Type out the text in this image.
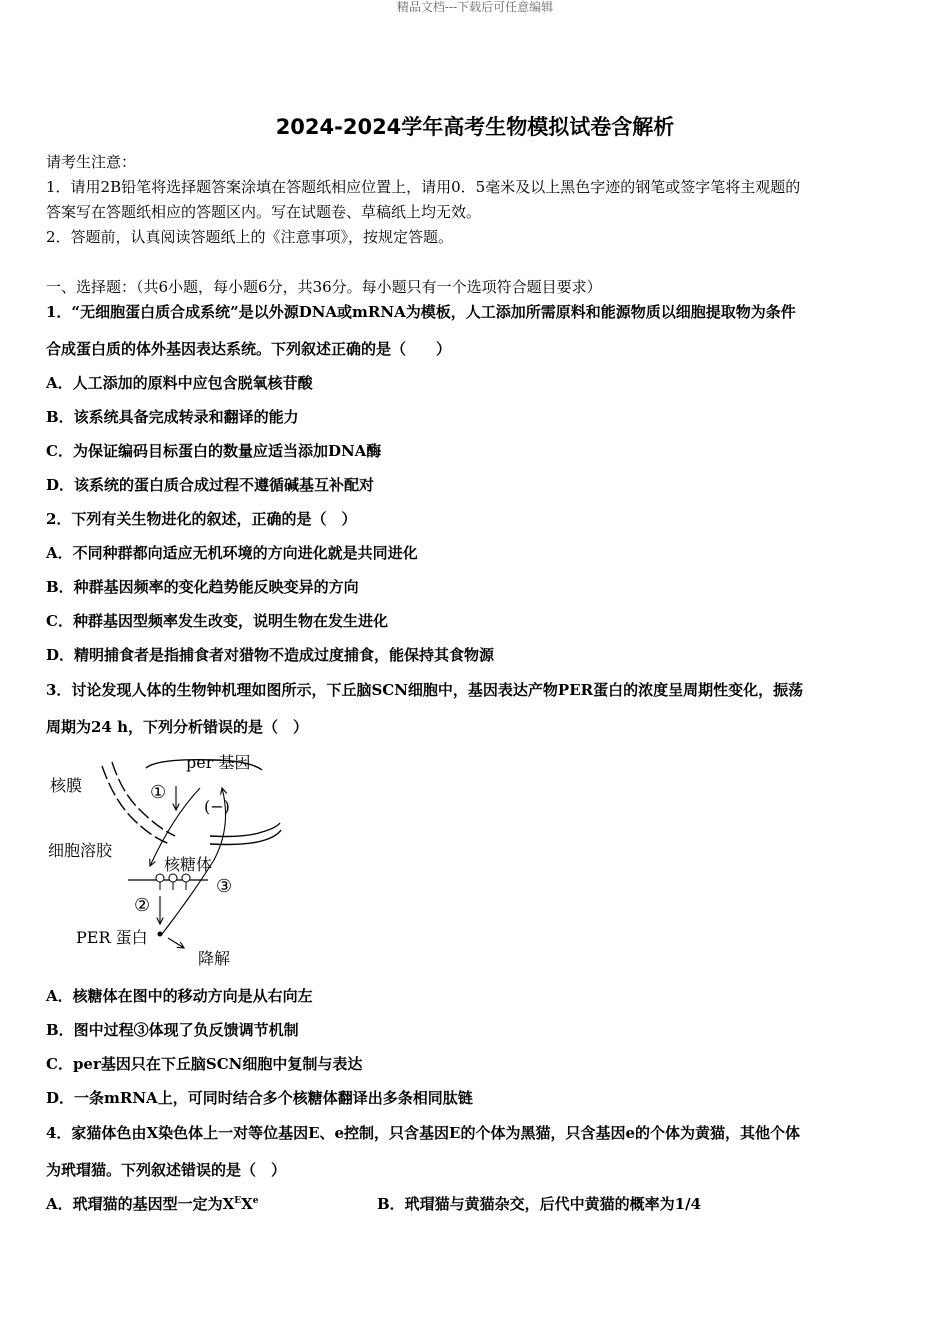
精品文档---下载后可任意编辑
2024-2024学年高考生物模拟试卷含解析
请考生注意：
1．请用2B铅笔将选择题答案涂填在答题纸相应位置上，请用0．5毫米及以上黑色字迹的钢笔或签字笔将主观题的
答案写在答题纸相应的答题区内。写在试题卷、草稿纸上均无效。
2．答题前，认真阅读答题纸上的《注意事项》，按规定答题。
一、选择题：（共6小题，每小题6分，共36分。每小题只有一个选项符合题目要求）
1．“无细胞蛋白质合成系统”是以外源DNA或mRNA为模板，人工添加所需原料和能源物质以细胞提取物为条件
合成蛋白质的体外基因表达系统。下列叙述正确的是（　　）
A．人工添加的原料中应包含脱氧核苷酸
B．该系统具备完成转录和翻译的能力
C．为保证编码目标蛋白的数量应适当添加DNA酶
D．该系统的蛋白质合成过程不遵循碱基互补配对
2．下列有关生物进化的叙述，正确的是（　）
A．不同种群都向适应无机环境的方向进化就是共同进化
B．种群基因频率的变化趋势能反映变异的方向
C．种群基因型频率发生改变，说明生物在发生进化
D．精明捕食者是指捕食者对猎物不造成过度捕食，能保持其食物源
3．讨论发现人体的生物钟机理如图所示，下丘脑SCN细胞中，基因表达产物PER蛋白的浓度呈周期性变化，振荡
周期为24 h，下列分析错误的是（　）
per 基因
核膜	①
(−)
细胞溶胶
核糖体
③
②
PER 蛋白
降解
A．核糖体在图中的移动方向是从右向左
B．图中过程③体现了负反馈调节机制
C．per基因只在下丘脑SCN细胞中复制与表达
D．一条mRNA上，可同时结合多个核糖体翻译出多条相同肽链
4．家猫体色由X染色体上一对等位基因E、e控制，只含基因E的个体为黑猫，只含基因e的个体为黄猫，其他个体
为玳瑁猫。下列叙述错误的是（　）
A．玳瑁猫的基因型一定为$X^EXe$	B．玳瑁猫与黄猫杂交，后代中黄猫的概率为1/4
